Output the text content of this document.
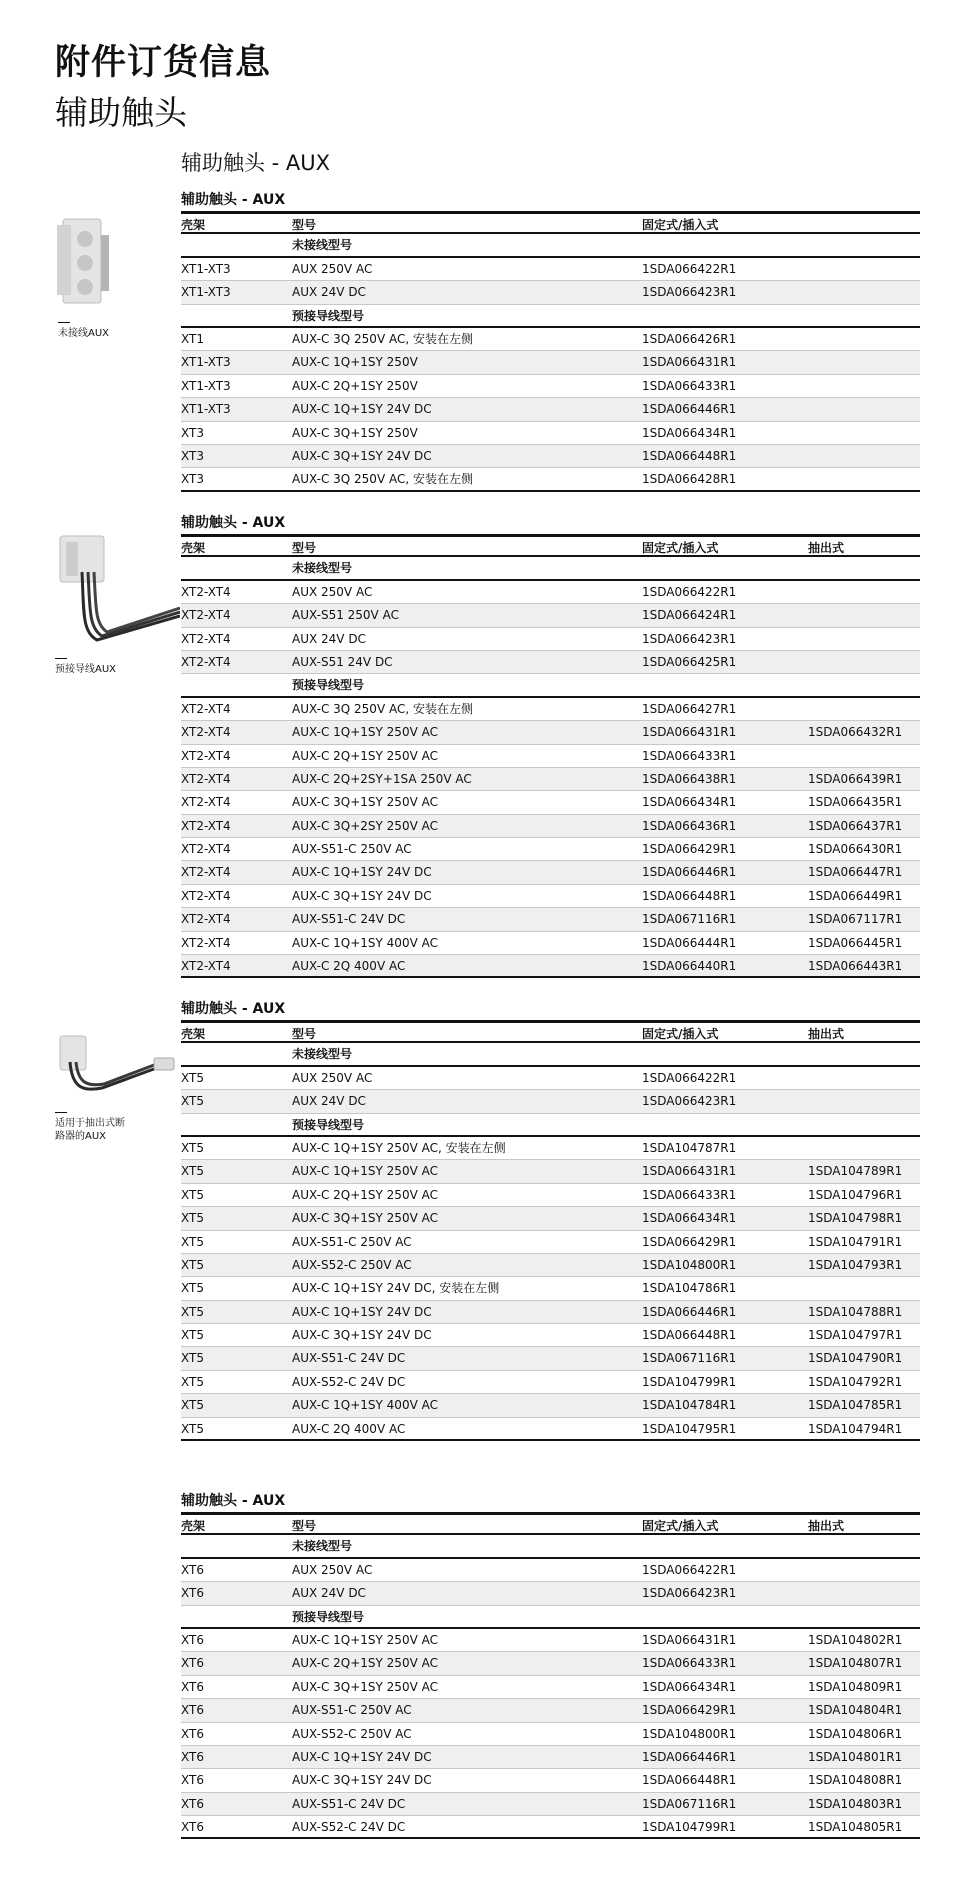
附件订货信息
辅助触头
辅助触头 - AUX
未接线AUX
预接导线AUX
适用于抽出式断
路器的AUX
辅助触头 - AUX
壳架	型号	固定式/插入式
未接线型号
XT1-XT3	AUX 250V AC	1SDA066422R1
XT1-XT3	AUX 24V DC	1SDA066423R1
预接导线型号
XT1	AUX-C 3Q 250V AC, 安装在左侧	1SDA066426R1
XT1-XT3	AUX-C 1Q+1SY 250V	1SDA066431R1
XT1-XT3	AUX-C 2Q+1SY 250V	1SDA066433R1
XT1-XT3	AUX-C 1Q+1SY 24V DC	1SDA066446R1
XT3	AUX-C 3Q+1SY 250V	1SDA066434R1
XT3	AUX-C 3Q+1SY 24V DC	1SDA066448R1
XT3	AUX-C 3Q 250V AC, 安装在左侧	1SDA066428R1
辅助触头 - AUX
壳架	型号	固定式/插入式	抽出式
未接线型号
XT2-XT4	AUX 250V AC	1SDA066422R1
XT2-XT4	AUX-S51 250V AC	1SDA066424R1
XT2-XT4	AUX 24V DC	1SDA066423R1
XT2-XT4	AUX-S51 24V DC	1SDA066425R1
预接导线型号
XT2-XT4	AUX-C 3Q 250V AC, 安装在左侧	1SDA066427R1
XT2-XT4	AUX-C 1Q+1SY 250V AC	1SDA066431R1	1SDA066432R1
XT2-XT4	AUX-C 2Q+1SY 250V AC	1SDA066433R1
XT2-XT4	AUX-C 2Q+2SY+1SA 250V AC	1SDA066438R1	1SDA066439R1
XT2-XT4	AUX-C 3Q+1SY 250V AC	1SDA066434R1	1SDA066435R1
XT2-XT4	AUX-C 3Q+2SY 250V AC	1SDA066436R1	1SDA066437R1
XT2-XT4	AUX-S51-C 250V AC	1SDA066429R1	1SDA066430R1
XT2-XT4	AUX-C 1Q+1SY 24V DC	1SDA066446R1	1SDA066447R1
XT2-XT4	AUX-C 3Q+1SY 24V DC	1SDA066448R1	1SDA066449R1
XT2-XT4	AUX-S51-C 24V DC	1SDA067116R1	1SDA067117R1
XT2-XT4	AUX-C 1Q+1SY 400V AC	1SDA066444R1	1SDA066445R1
XT2-XT4	AUX-C 2Q 400V AC	1SDA066440R1	1SDA066443R1
辅助触头 - AUX
壳架	型号	固定式/插入式	抽出式
未接线型号
XT5	AUX 250V AC	1SDA066422R1
XT5	AUX 24V DC	1SDA066423R1
预接导线型号
XT5	AUX-C 1Q+1SY 250V AC, 安装在左侧	1SDA104787R1
XT5	AUX-C 1Q+1SY 250V AC	1SDA066431R1	1SDA104789R1
XT5	AUX-C 2Q+1SY 250V AC	1SDA066433R1	1SDA104796R1
XT5	AUX-C 3Q+1SY 250V AC	1SDA066434R1	1SDA104798R1
XT5	AUX-S51-C 250V AC	1SDA066429R1	1SDA104791R1
XT5	AUX-S52-C 250V AC	1SDA104800R1	1SDA104793R1
XT5	AUX-C 1Q+1SY 24V DC, 安装在左侧	1SDA104786R1
XT5	AUX-C 1Q+1SY 24V DC	1SDA066446R1	1SDA104788R1
XT5	AUX-C 3Q+1SY 24V DC	1SDA066448R1	1SDA104797R1
XT5	AUX-S51-C 24V DC	1SDA067116R1	1SDA104790R1
XT5	AUX-S52-C 24V DC	1SDA104799R1	1SDA104792R1
XT5	AUX-C 1Q+1SY 400V AC	1SDA104784R1	1SDA104785R1
XT5	AUX-C 2Q 400V AC	1SDA104795R1	1SDA104794R1
辅助触头 - AUX
壳架	型号	固定式/插入式	抽出式
未接线型号
XT6	AUX 250V AC	1SDA066422R1
XT6	AUX 24V DC	1SDA066423R1
预接导线型号
XT6	AUX-C 1Q+1SY 250V AC	1SDA066431R1	1SDA104802R1
XT6	AUX-C 2Q+1SY 250V AC	1SDA066433R1	1SDA104807R1
XT6	AUX-C 3Q+1SY 250V AC	1SDA066434R1	1SDA104809R1
XT6	AUX-S51-C 250V AC	1SDA066429R1	1SDA104804R1
XT6	AUX-S52-C 250V AC	1SDA104800R1	1SDA104806R1
XT6	AUX-C 1Q+1SY 24V DC	1SDA066446R1	1SDA104801R1
XT6	AUX-C 3Q+1SY 24V DC	1SDA066448R1	1SDA104808R1
XT6	AUX-S51-C 24V DC	1SDA067116R1	1SDA104803R1
XT6	AUX-S52-C 24V DC	1SDA104799R1	1SDA104805R1
